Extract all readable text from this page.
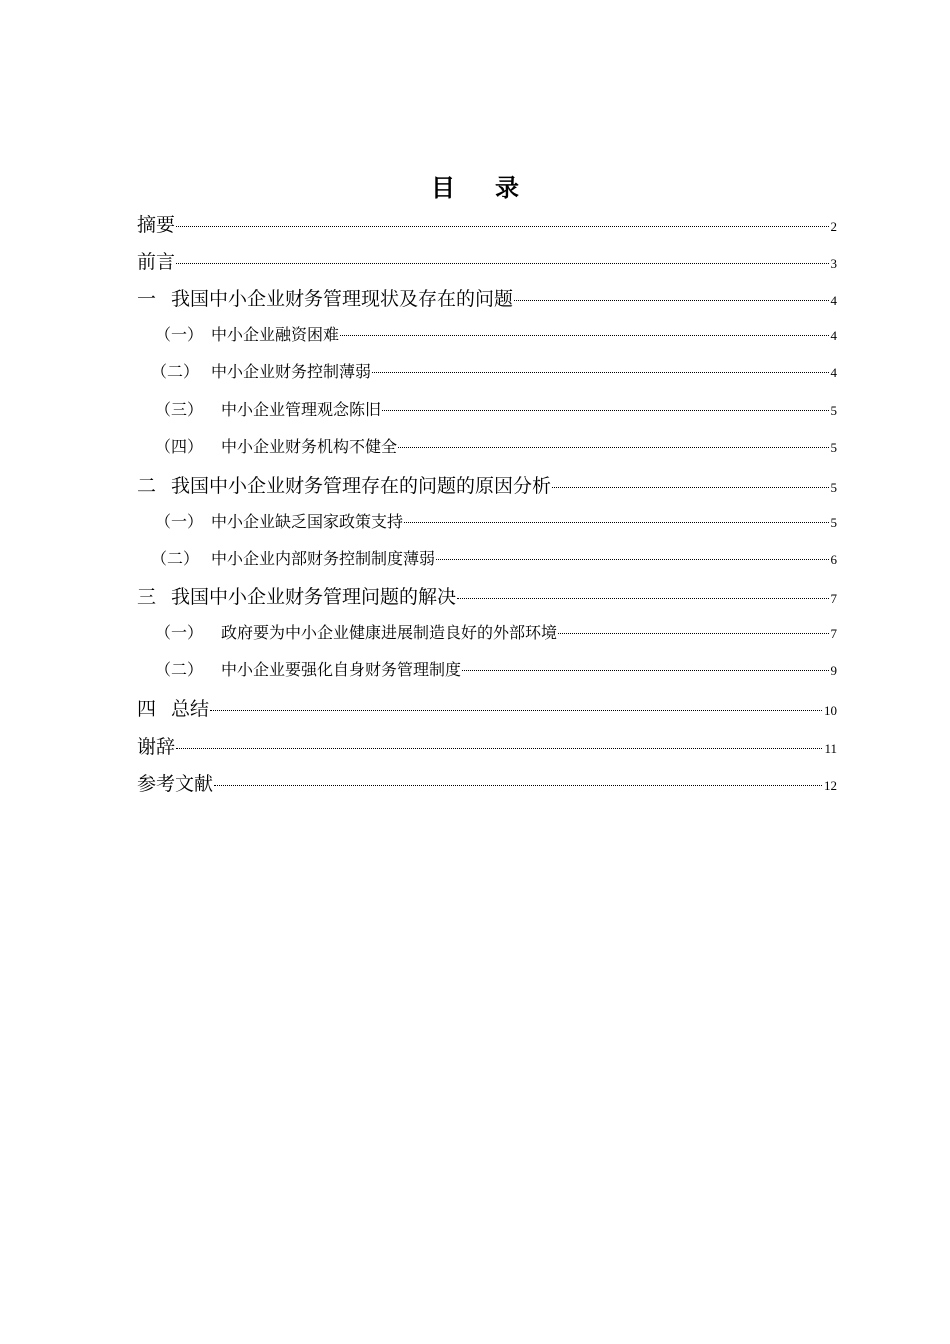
目 录
摘要	2
前言	3
一 我国中小企业财务管理现状及存在的问题	4
（一） 中小企业融资困难	4
（二） 中小企业财务控制薄弱	4
（三） 中小企业管理观念陈旧	5
（四） 中小企业财务机构不健全	5
二 我国中小企业财务管理存在的问题的原因分析	5
（一） 中小企业缺乏国家政策支持	5
（二） 中小企业内部财务控制制度薄弱	6
三 我国中小企业财务管理问题的解决	7
（一） 政府要为中小企业健康进展制造良好的外部环境	7
（二） 中小企业要强化自身财务管理制度	9
四 总结	10
谢辞	11
参考文献	12
